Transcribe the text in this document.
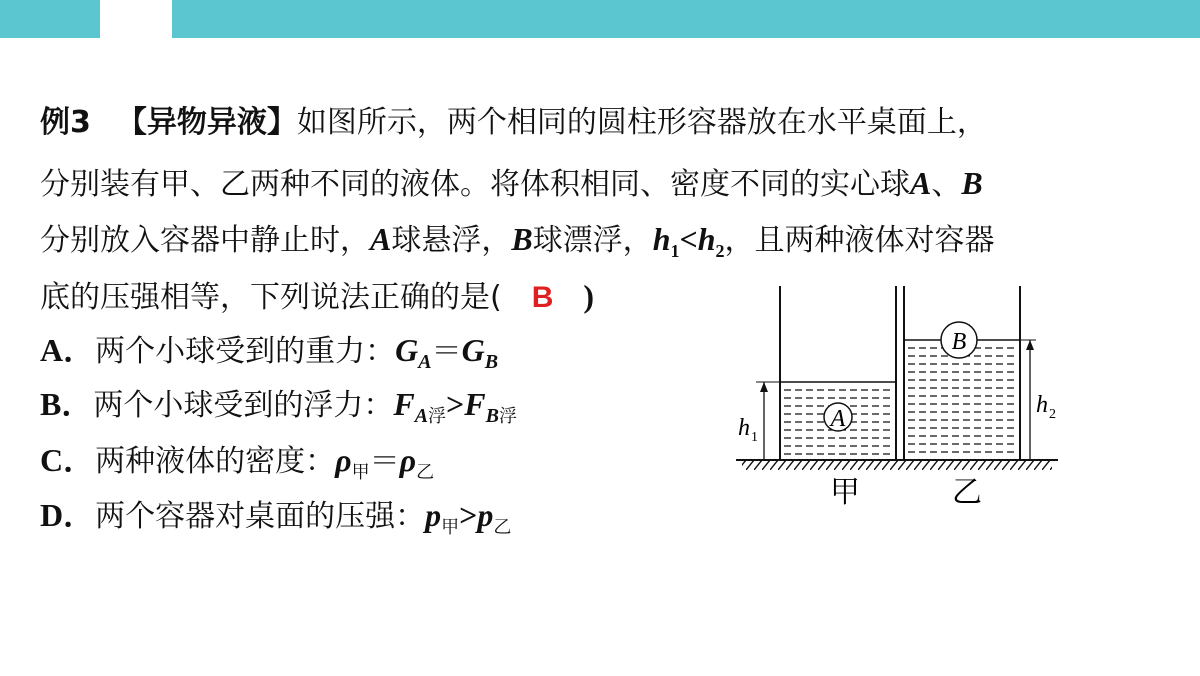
例3 【异物异液】如图所示，两个相同的圆柱形容器放在水平桌面上，
分别装有甲、乙两种不同的液体。将体积相同、密度不同的实心球A、B
分别放入容器中静止时，A球悬浮，B球漂浮，$h_1<h_2$，且两种液体对容器
底的压强相等，下列说法正确的是( B )
A．两个小球受到的重力：$G_A=G_B$
B．两个小球受到的浮力：$F_{A浮}>F_{B浮}$
C．两种液体的密度：$\rho_甲=\rho_乙$
D．两个容器对桌面的压强：$p_甲>p_乙$
A
B
h 1
h 2
甲	乙
